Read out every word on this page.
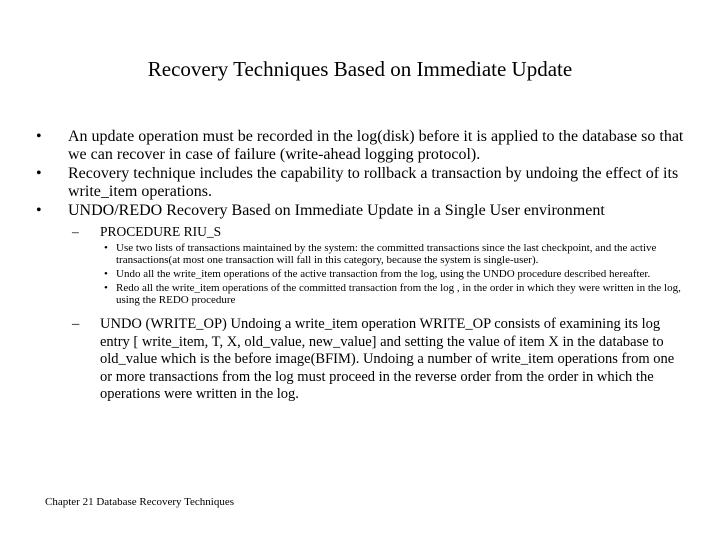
Recovery Techniques Based on Immediate Update
• An update operation must be recorded in the log(disk) before it is applied to the database so that we can recover in case of failure (write-ahead logging protocol).
• Recovery technique includes the capability to rollback a transaction by undoing the effect of its write_item operations.
• UNDO/REDO Recovery Based on Immediate Update in a Single User environment
– PROCEDURE RIU_S
• Use two lists of transactions maintained by the system: the committed transactions since the last checkpoint, and the active transactions(at most one transaction will fall in this category, because the system is single-user).
• Undo all the write_item operations of the active transaction from the log, using the UNDO procedure described hereafter.
• Redo all the write_item operations of the committed transaction from the log , in the order in which they were written in the log, using the REDO procedure
– UNDO (WRITE_OP) Undoing a write_item operation WRITE_OP consists of examining its log entry [ write_item, T, X, old_value, new_value] and setting the value of item X in the database to old_value which is the before image(BFIM). Undoing a number of write_item operations from one or more transactions from the log must proceed in the reverse order from the order in which the operations were written in the log.
Chapter 21 Database Recovery Techniques
